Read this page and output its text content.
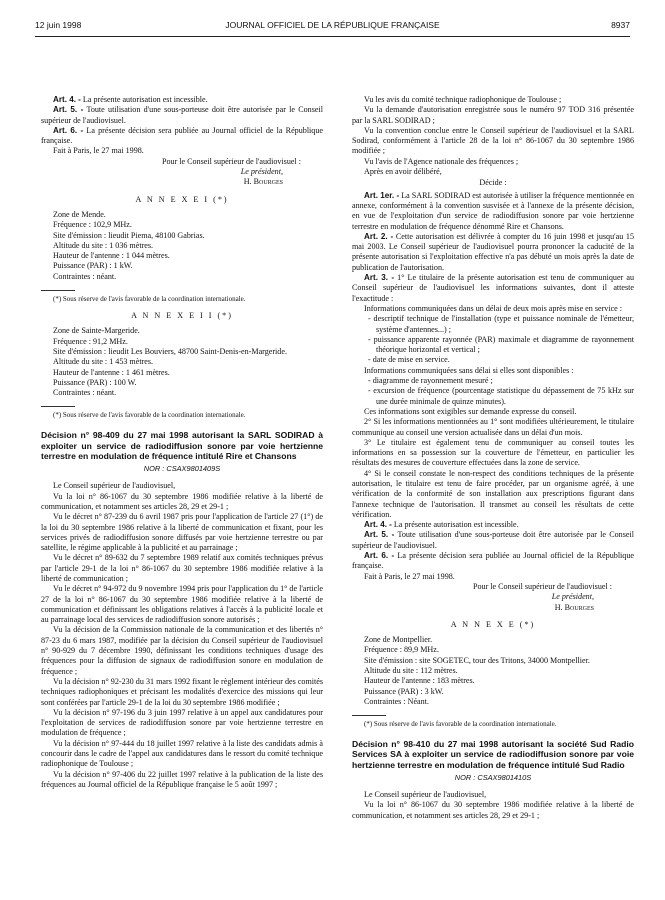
12 juin 1998	JOURNAL OFFICIEL DE LA RÉPUBLIQUE FRANÇAISE	8937

Art. 4. - La présente autorisation est incessible.

Art. 5. - Toute utilisation d'une sous-porteuse doit être autorisée par le Conseil supérieur de l'audiovisuel.

Art. 6. - La présente décision sera publiée au Journal officiel de la République française.

Fait à Paris, le 27 mai 1998.

Pour le Conseil supérieur de l'audiovisuel :

Le président,

H. Bourges

A N N E X E I (*)

Zone de Mende.

Fréquence : 102,9 MHz.

Site d'émission : lieudit Piema, 48100 Gabrias.

Altitude du site : 1 036 mètres.

Hauteur de l'antenne : 1 044 mètres.

Puissance (PAR) : 1 kW.

Contraintes : néant.

(*) Sous réserve de l'avis favorable de la coordination internationale.

A N N E X E I I (*)

Zone de Sainte-Margeride.

Fréquence : 91,2 MHz.

Site d'émission : lieudit Les Bouviers, 48700 Saint-Denis-en-Margeride.

Altitude du site : 1 453 mètres.

Hauteur de l'antenne : 1 461 mètres.

Puissance (PAR) : 100 W.

Contraintes : néant.

(*) Sous réserve de l'avis favorable de la coordination internationale.

Décision n° 98-409 du 27 mai 1998 autorisant la SARL SODIRAD à exploiter un service de radiodiffusion sonore par voie hertzienne terrestre en modulation de fréquence intitulé Rire et Chansons

NOR : CSAX9801409S

Le Conseil supérieur de l'audiovisuel,

Vu la loi n° 86-1067 du 30 septembre 1986 modifiée relative à la liberté de communication, et notamment ses articles 28, 29 et 29-1 ;

Vu le décret n° 87-239 du 6 avril 1987 pris pour l'application de l'article 27 (1°) de la loi du 30 septembre 1986 relative à la liberté de communication et fixant, pour les services privés de radiodiffusion sonore diffusés par voie hertzienne terrestre ou par satellite, le régime applicable à la publicité et au parrainage ;

Vu le décret n° 89-632 du 7 septembre 1989 relatif aux comités techniques prévus par l'article 29-1 de la loi n° 86-1067 du 30 septembre 1986 modifiée relative à la liberté de communication ;

Vu le décret n° 94-972 du 9 novembre 1994 pris pour l'application du 1° de l'article 27 de la loi n° 86-1067 du 30 septembre 1986 modifiée relative à la liberté de communication et définissant les obligations relatives à l'accès à la publicité locale et au parrainage local des services de radiodiffusion sonore autorisés ;

Vu la décision de la Commission nationale de la communication et des libertés n° 87-23 du 6 mars 1987, modifiée par la décision du Conseil supérieur de l'audiovisuel n° 90-929 du 7 décembre 1990, définissant les conditions techniques d'usage des fréquences pour la diffusion de signaux de radiodiffusion sonore en modulation de fréquence ;

Vu la décision n° 92-230 du 31 mars 1992 fixant le règlement intérieur des comités techniques radiophoniques et précisant les modalités d'exercice des missions qui leur sont conférées par l'article 29-1 de la loi du 30 septembre 1986 modifiée ;

Vu la décision n° 97-196 du 3 juin 1997 relative à un appel aux candidatures pour l'exploitation de services de radiodiffusion sonore par voie hertzienne terrestre en modulation de fréquence ;

Vu la décision n° 97-444 du 18 juillet 1997 relative à la liste des candidats admis à concourir dans le cadre de l'appel aux candidatures dans le ressort du comité technique radiophonique de Toulouse ;

Vu la décision n° 97-406 du 22 juillet 1997 relative à la publication de la liste des fréquences au Journal officiel de la République française le 5 août 1997 ;

Vu les avis du comité technique radiophonique de Toulouse ;

Vu la demande d'autorisation enregistrée sous le numéro 97 TOD 316 présentée par la SARL SODIRAD ;

Vu la convention conclue entre le Conseil supérieur de l'audiovisuel et la SARL Sodirad, conformément à l'article 28 de la loi n° 86-1067 du 30 septembre 1986 modifiée ;

Vu l'avis de l'Agence nationale des fréquences ;

Après en avoir délibéré,

Décide :

Art. 1er. - La SARL SODIRAD est autorisée à utiliser la fréquence mentionnée en annexe, conformément à la convention susvisée et à l'annexe de la présente décision, en vue de l'exploitation d'un service de radiodiffusion sonore par voie hertzienne terrestre en modulation de fréquence dénommé Rire et Chansons.

Art. 2. - Cette autorisation est délivrée à compter du 16 juin 1998 et jusqu'au 15 mai 2003. Le Conseil supérieur de l'audiovisuel pourra prononcer la caducité de la présente autorisation si l'exploitation effective n'a pas débuté un mois après la date de publication de l'autorisation.

Art. 3. - 1° Le titulaire de la présente autorisation est tenu de communiquer au Conseil supérieur de l'audiovisuel les informations suivantes, dont il atteste l'exactitude :

Informations communiquées dans un délai de deux mois après mise en service :

- descriptif technique de l'installation (type et puissance nominale de l'émetteur, système d'antennes...) ;

- puissance apparente rayonnée (PAR) maximale et diagramme de rayonnement théorique horizontal et vertical ;

- date de mise en service.

Informations communiquées sans délai si elles sont disponibles :

- diagramme de rayonnement mesuré ;

- excursion de fréquence (pourcentage statistique du dépassement de 75 kHz sur une durée minimale de quinze minutes).

Ces informations sont exigibles sur demande expresse du conseil.

2° Si les informations mentionnées au 1° sont modifiées ultérieurement, le titulaire communique au conseil une version actualisée dans un délai d'un mois.

3° Le titulaire est également tenu de communiquer au conseil toutes les informations en sa possession sur la couverture de l'émetteur, en particulier les résultats des mesures de couverture effectuées dans la zone de service.

4° Si le conseil constate le non-respect des conditions techniques de la présente autorisation, le titulaire est tenu de faire procéder, par un organisme agréé, à une vérification de la conformité de son installation aux prescriptions figurant dans l'annexe technique de l'autorisation. Il transmet au conseil les résultats de cette vérification.

Art. 4. - La présente autorisation est incessible.

Art. 5. - Toute utilisation d'une sous-porteuse doit être autorisée par le Conseil supérieur de l'audiovisuel.

Art. 6. - La présente décision sera publiée au Journal officiel de la République française.

Fait à Paris, le 27 mai 1998.

Pour le Conseil supérieur de l'audiovisuel :

Le président,

H. Bourges

A N N E X E (*)

Zone de Montpellier.

Fréquence : 89,9 MHz.

Site d'émission : site SOGETEC, tour des Tritons, 34000 Montpellier.

Altitude du site : 112 mètres.

Hauteur de l'antenne : 183 mètres.

Puissance (PAR) : 3 kW.

Contraintes : Néant.

(*) Sous réserve de l'avis favorable de la coordination internationale.

Décision n° 98-410 du 27 mai 1998 autorisant la société Sud Radio Services SA à exploiter un service de radiodiffusion sonore par voie hertzienne terrestre en modulation de fréquence intitulé Sud Radio

NOR : CSAX9801410S

Le Conseil supérieur de l'audiovisuel,

Vu la loi n° 86-1067 du 30 septembre 1986 modifiée relative à la liberté de communication, et notamment ses articles 28, 29 et 29-1 ;
